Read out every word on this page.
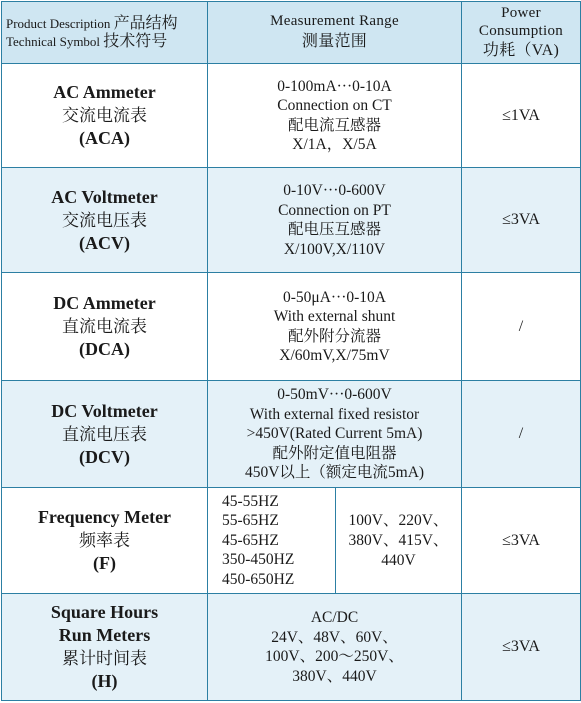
Product Description 产品结构
Technical Symbol 技术符号	Measurement Range
测量范围		Power
Consumption
功耗（VA)

AC Ammeter
交流电流表
(ACA)	0-100mA···0-10A
Connection on CT
配电流互感器
X/1A，X/5A		≤1VA

AC Voltmeter
交流电压表
(ACV)	0-10V···0-600V
Connection on PT
配电压互感器
X/100V,X/110V		≤3VA

DC Ammeter
直流电流表
(DCA)	0-50μA···0-10A
With external shunt
配外附分流器
X/60mV,X/75mV		/

DC Voltmeter
直流电压表
(DCV)	0-50mV···0-600V
With external fixed resistor
>450V(Rated Current 5mA)
配外附定值电阻器
450V以上（额定电流5mA)		/

Frequency Meter
频率表
(F)	45-55HZ
55-65HZ
45-65HZ
350-450HZ
450-650HZ	100V、220V、
380V、415V、
440V	≤3VA

Square Hours
Run Meters
累计时间表
(H)	AC/DC
24V、48V、60V、
100V、200～250V、
380V、440V		≤3VA
